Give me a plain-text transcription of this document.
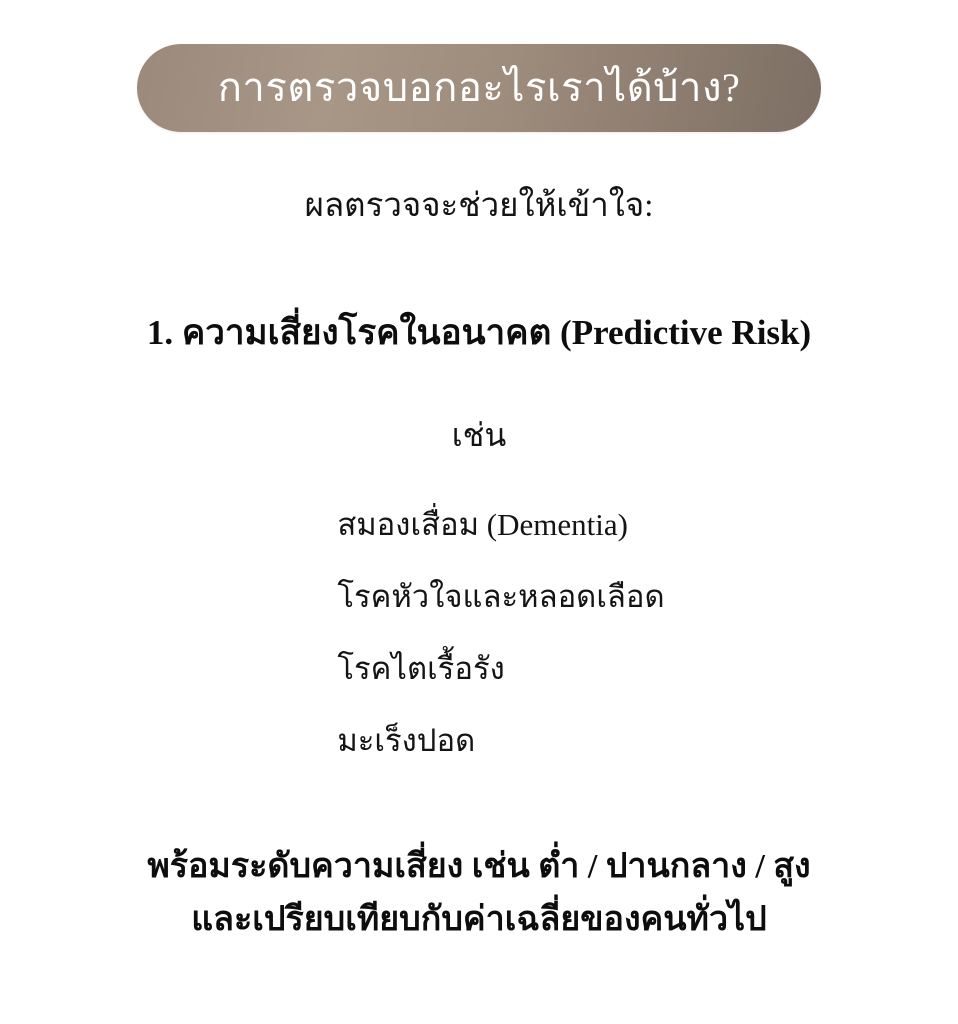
การตรวจบอกอะไรเราได้บ้าง?
ผลตรวจจะช่วยให้เข้าใจ:
1. ความเสี่ยงโรคในอนาคต (Predictive Risk)
เช่น
สมองเสื่อม (Dementia)
โรคหัวใจและหลอดเลือด
โรคไตเรื้อรัง
มะเร็งปอด
พร้อมระดับความเสี่ยง เช่น ต่ำ / ปานกลาง / สูง
และเปรียบเทียบกับค่าเฉลี่ยของคนทั่วไป
